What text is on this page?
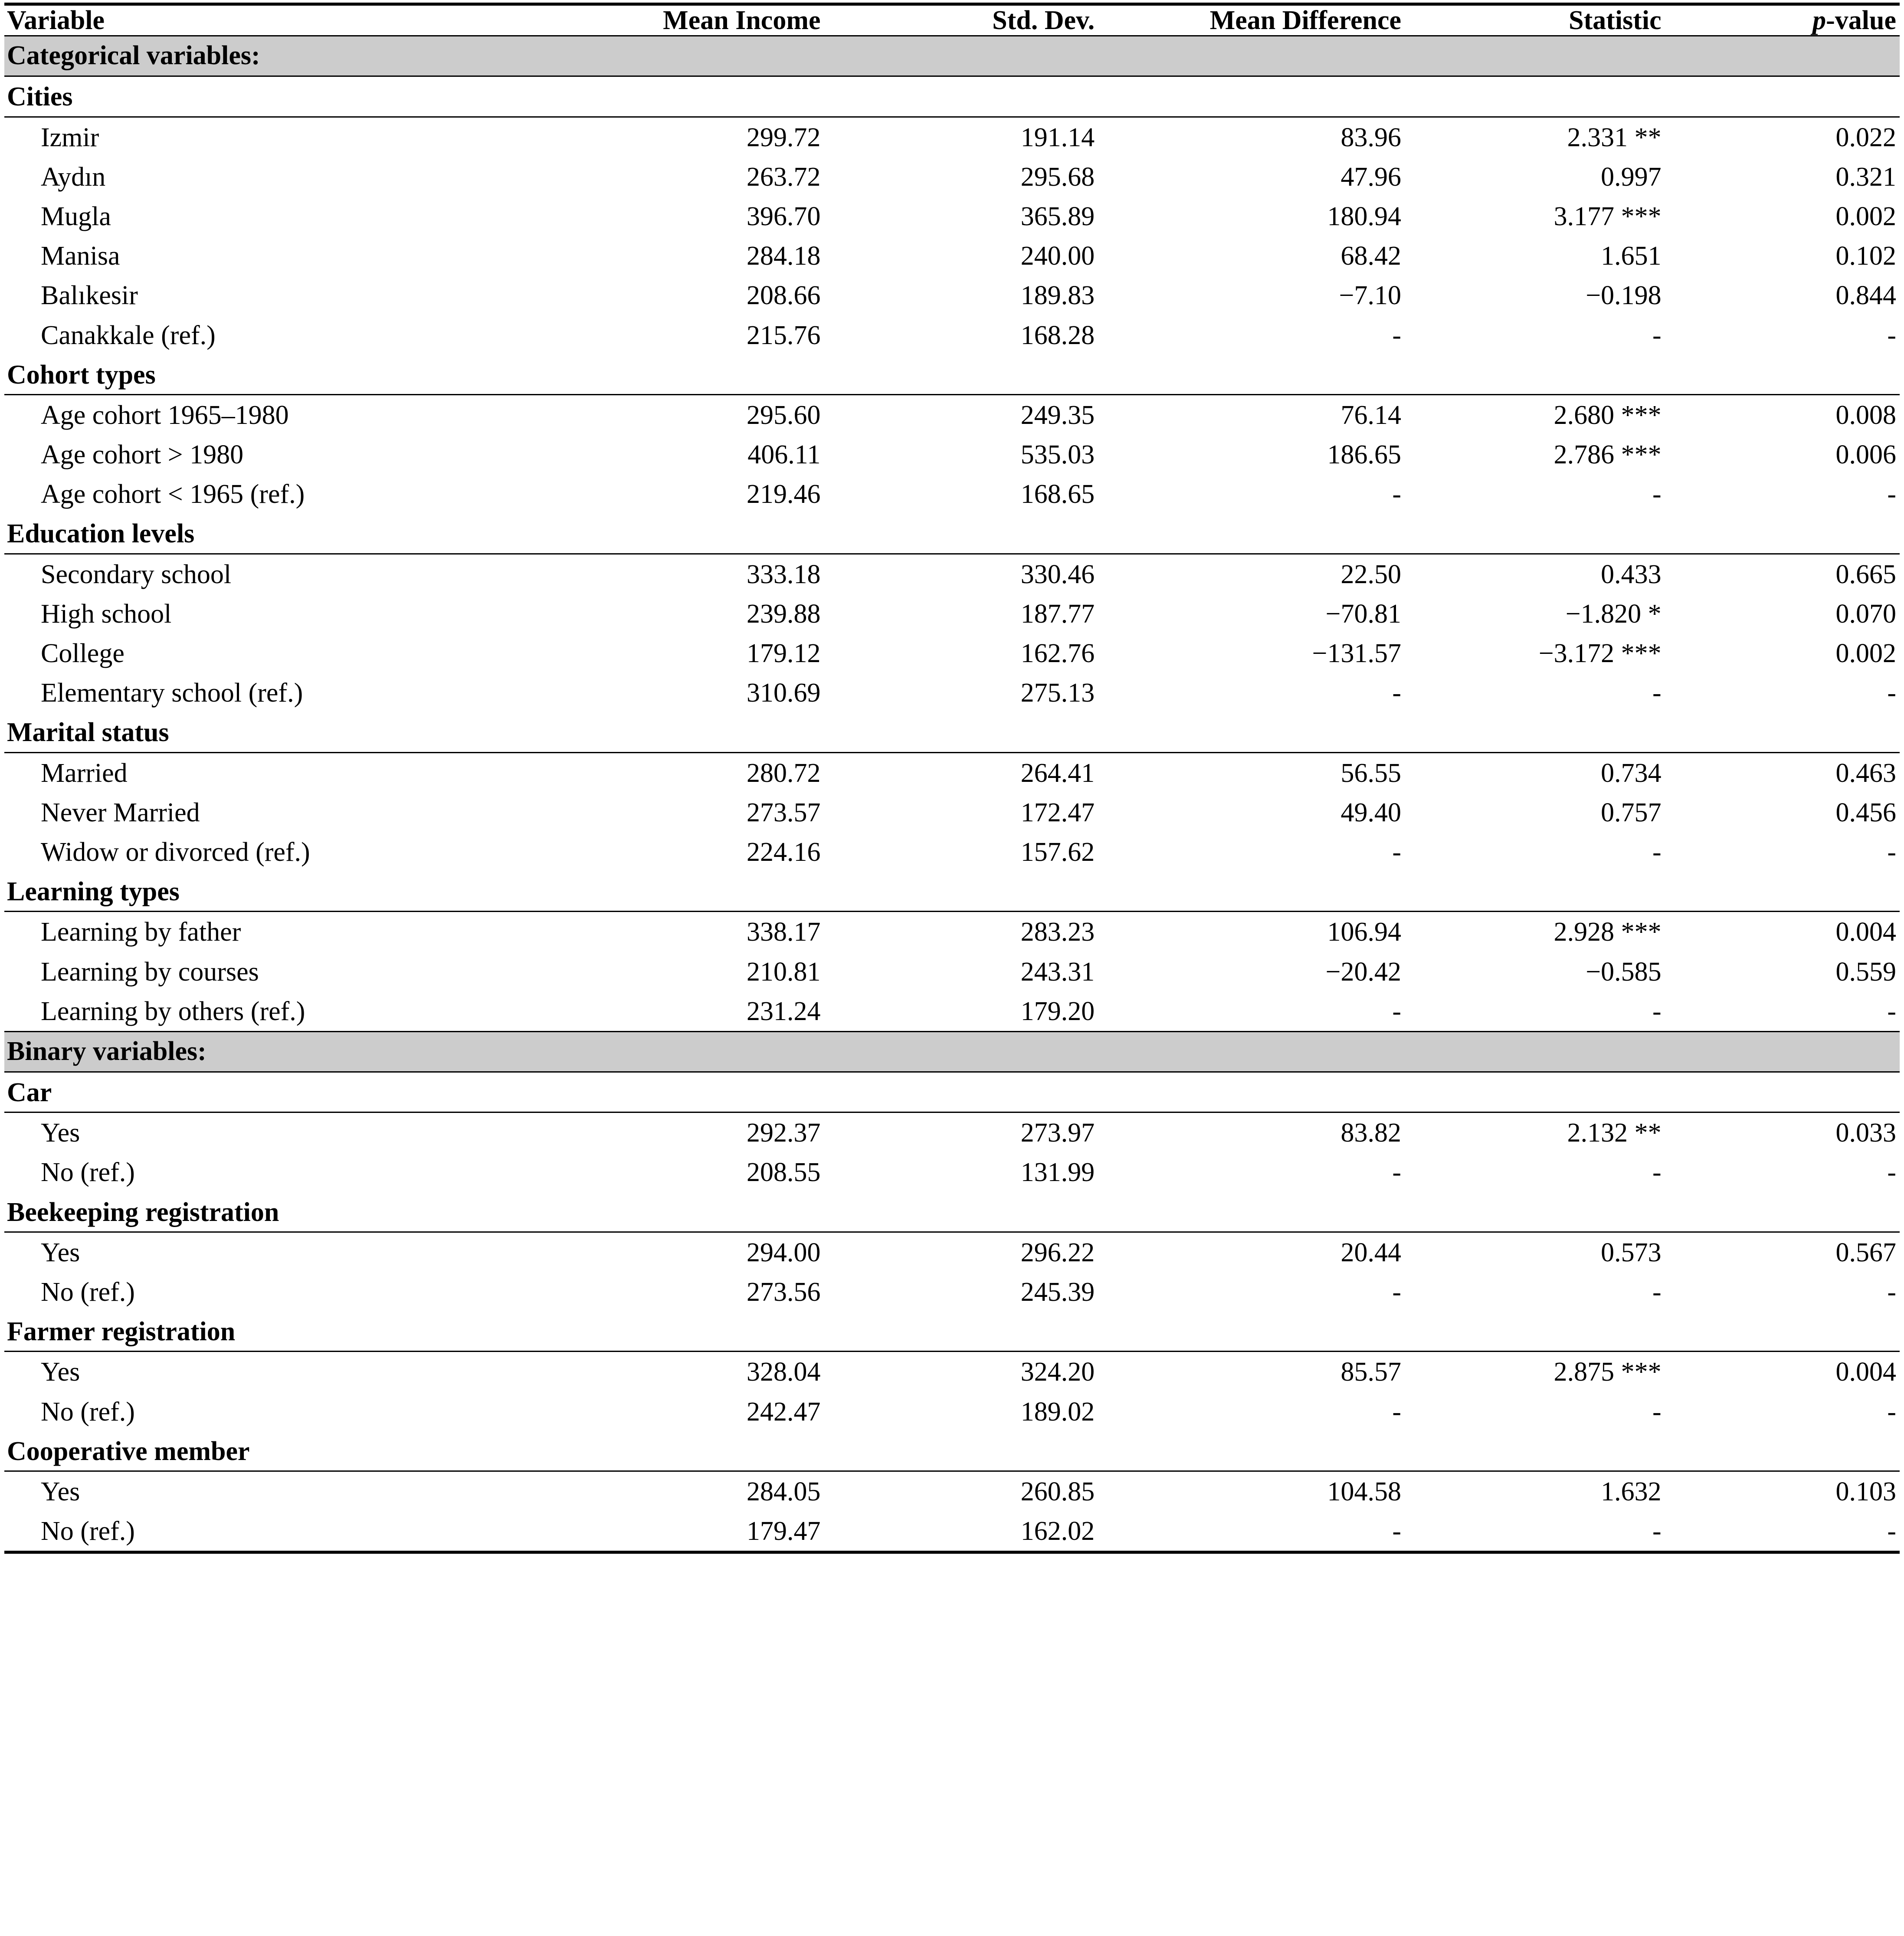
Variable	Mean Income	Std. Dev.	Mean Difference	Statistic	p-value
Categorical variables:					
Cities					
Izmir	299.72	191.14	83.96	2.331 **	0.022
Aydın	263.72	295.68	47.96	0.997	0.321
Mugla	396.70	365.89	180.94	3.177 ***	0.002
Manisa	284.18	240.00	68.42	1.651	0.102
Balıkesir	208.66	189.83	−7.10	−0.198	0.844
Canakkale (ref.)	215.76	168.28	-	-	-
Cohort types					
Age cohort 1965–1980	295.60	249.35	76.14	2.680 ***	0.008
Age cohort > 1980	406.11	535.03	186.65	2.786 ***	0.006
Age cohort < 1965 (ref.)	219.46	168.65	-	-	-
Education levels					
Secondary school	333.18	330.46	22.50	0.433	0.665
High school	239.88	187.77	−70.81	−1.820 *	0.070
College	179.12	162.76	−131.57	−3.172 ***	0.002
Elementary school (ref.)	310.69	275.13	-	-	-
Marital status					
Married	280.72	264.41	56.55	0.734	0.463
Never Married	273.57	172.47	49.40	0.757	0.456
Widow or divorced (ref.)	224.16	157.62	-	-	-
Learning types					
Learning by father	338.17	283.23	106.94	2.928 ***	0.004
Learning by courses	210.81	243.31	−20.42	−0.585	0.559
Learning by others (ref.)	231.24	179.20	-	-	-
Binary variables:					
Car					
Yes	292.37	273.97	83.82	2.132 **	0.033
No (ref.)	208.55	131.99	-	-	-
Beekeeping registration					
Yes	294.00	296.22	20.44	0.573	0.567
No (ref.)	273.56	245.39	-	-	-
Farmer registration					
Yes	328.04	324.20	85.57	2.875 ***	0.004
No (ref.)	242.47	189.02	-	-	-
Cooperative member					
Yes	284.05	260.85	104.58	1.632	0.103
No (ref.)	179.47	162.02	-	-	-
